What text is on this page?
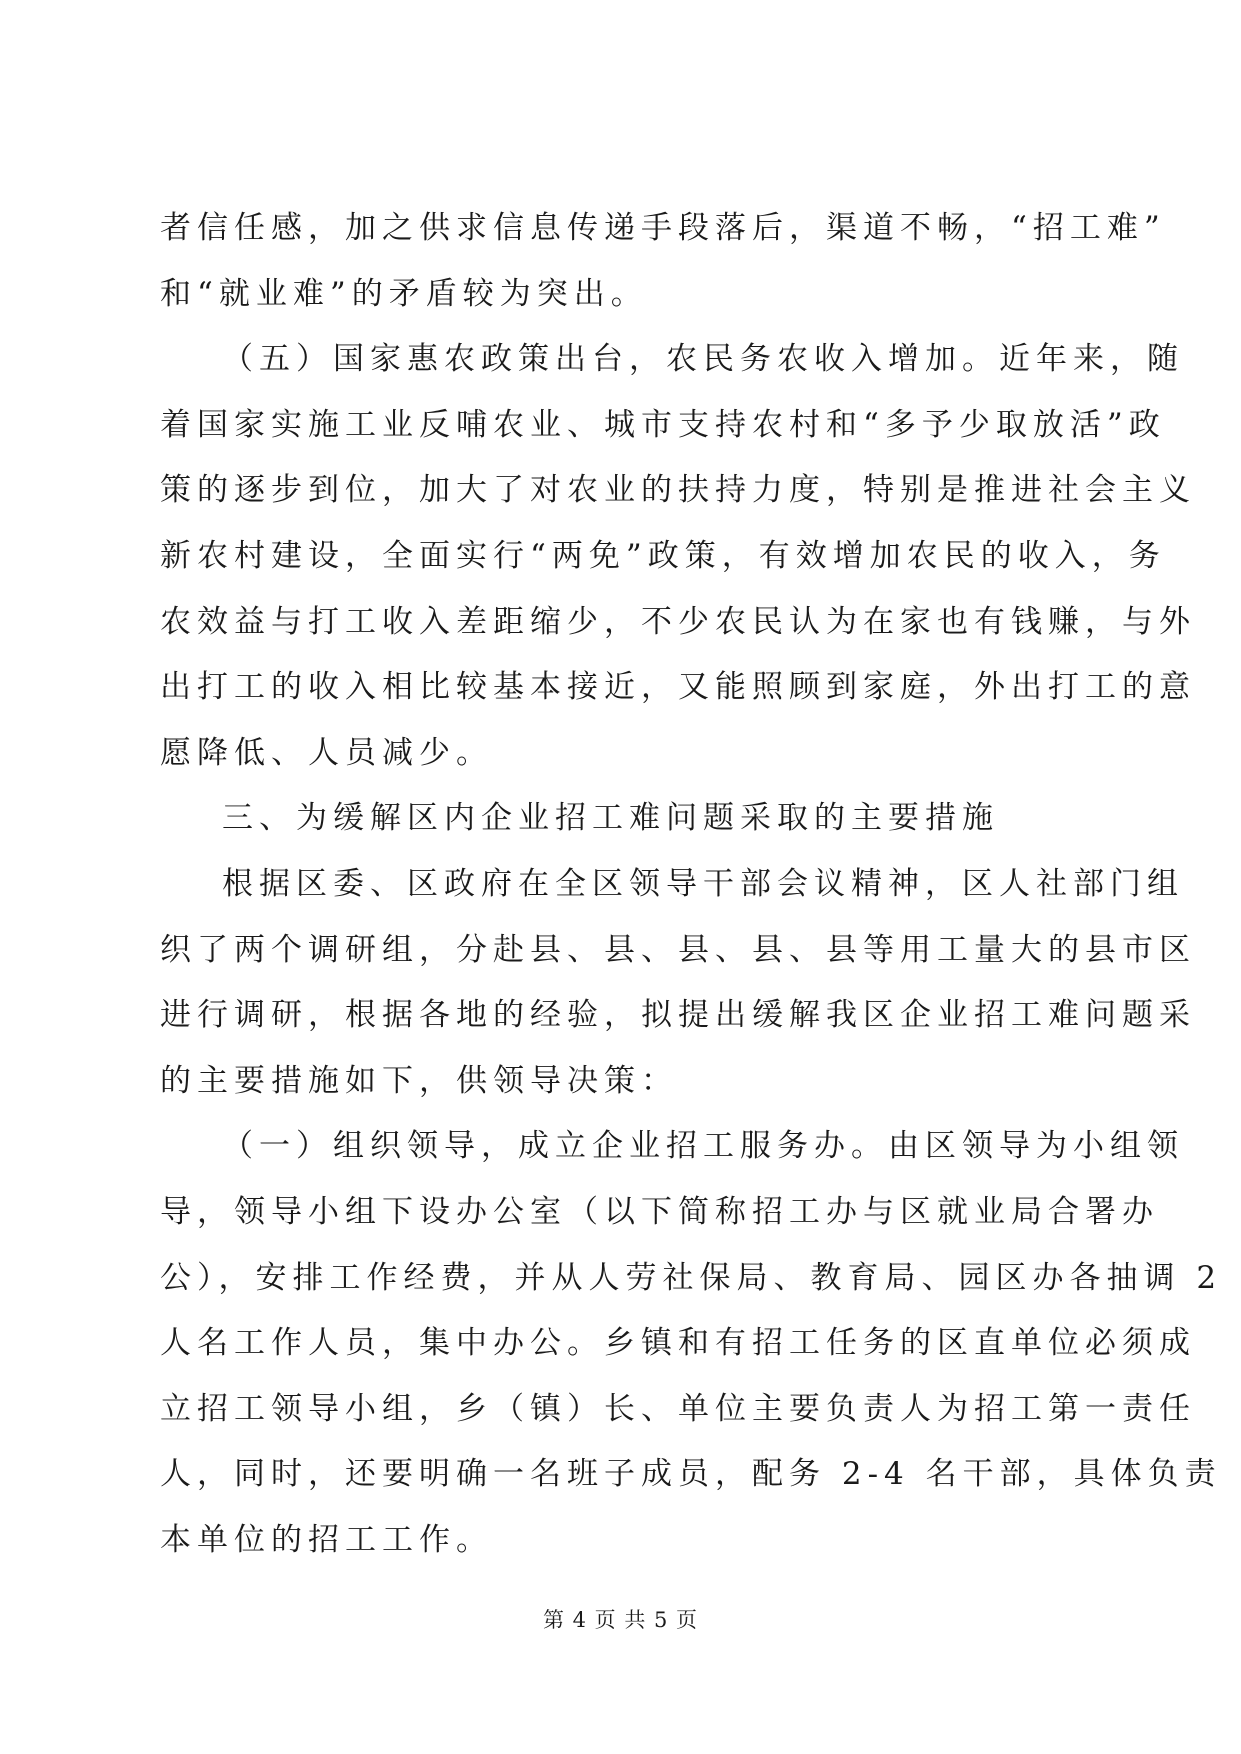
者信任感，加之供求信息传递手段落后，渠道不畅，“招工难”
和“就业难”的矛盾较为突出。
（五）国家惠农政策出台，农民务农收入增加。近年来，随
着国家实施工业反哺农业、城市支持农村和“多予少取放活”政
策的逐步到位，加大了对农业的扶持力度，特别是推进社会主义
新农村建设，全面实行“两免”政策，有效增加农民的收入，务
农效益与打工收入差距缩少，不少农民认为在家也有钱赚，与外
出打工的收入相比较基本接近，又能照顾到家庭，外出打工的意
愿降低、人员减少。
三、为缓解区内企业招工难问题采取的主要措施
根据区委、区政府在全区领导干部会议精神，区人社部门组
织了两个调研组，分赴县、县、县、县、县等用工量大的县市区
进行调研，根据各地的经验，拟提出缓解我区企业招工难问题采
的主要措施如下，供领导决策：
（一）组织领导，成立企业招工服务办。由区领导为小组领
导，领导小组下设办公室（以下简称招工办与区就业局合署办
公），安排工作经费，并从人劳社保局、教育局、园区办各抽调 2
人名工作人员，集中办公。乡镇和有招工任务的区直单位必须成
立招工领导小组，乡（镇）长、单位主要负责人为招工第一责任
人，同时，还要明确一名班子成员，配务 2-4 名干部，具体负责
本单位的招工工作。
第 4 页 共 5 页
